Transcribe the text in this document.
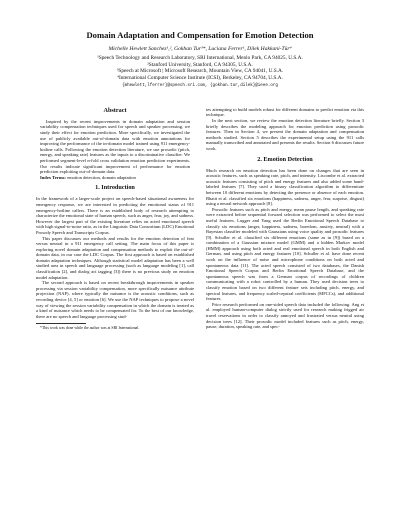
Domain Adaptation and Compensation for Emotion Detection
Michelle Hewlett Sanchez¹,², Gokhan Tur³*, Luciana Ferrer¹, Dilek Hakkani-Tür⁴
¹Speech Technology and Research Laboratory, SRI International, Menlo Park, CA 94025, U.S.A.
²Stanford University, Stanford, CA 94305, U.S.A.
³Speech at Microsoft | Microsoft Research, Mountain View, CA 94041, U.S.A.
⁴International Computer Science Institute (ICSI), Berkeley, CA 94704, U.S.A.
{mhewlett,lferrer}@speech.sri.com, {gokhan.tur,dilek}@ieee.org
Abstract

Inspired by the recent improvements in domain adaptation and session variability compensation techniques used for speech and speaker processing, we study their effect for emotion prediction. More specifically, we investigated the use of publicly available out-of-domain data with emotion annotations for improving the performance of the in-domain model trained using 911 emergency-hotline calls. Following the emotion detection literature, we use prosodic (pitch, energy, and speaking rate) features as the inputs to a discriminative classifier. We performed segment-level n-fold cross validation emotion prediction experiments. Our results indicate significant improvement of performance for emotion prediction exploiting out-of-domain data.

Index Terms: emotion detection, domain adaptation

1. Introduction

In the framework of a larger-scale project on speech-based situational awareness for emergency response, we are interested in predicting the emotional status of 911 emergency-hotline callers. There is an established body of research attempting to characterize the emotional state of human speech, such as anger, fear, joy, and sadness. However the largest part of the existing literature relies on acted emotional speech with high signal-to-noise ratio, as in the Linguistic Data Consortium (LDC) Emotional Prosody Speech and Transcripts Corpus.

This paper discusses our methods and results for the emotion detection of fear versus neutral in a 911 emergency call setting. The main focus of this paper is exploring novel domain adaptation and compensation methods to exploit the out-of-domain data, in our case the LDC Corpus. The first approach is based on established domain adaptation techniques. Although statistical model adaptation has been a well studied area in speech and language processing (such as language modeling [1], call classification [2], and dialog act tagging [3]) there is no previous study on emotion model adaptation.

The second approach is based on recent breakthrough improvements in speaker processing via session variability compensation, more specifically nuisance attribute projection (NAP), where typically the nuisance is the acoustic conditions, such as recording device [4, 5] or emotion [6]. We use the NAP techniques to propose a novel way of viewing the session variability compensation in which the domain is treated as a kind of nuisance which needs to be compensated for. To the best of our knowledge, there are no speech and language processing stud-

*This work was done while the author was at SRI International.

ies attempting to build models robust for different domains to predict emotion via this technique.

In the next section, we review the emotion detection literature briefly. Section 3 briefly describes the modeling approach for emotion prediction using prosodic features. Then in Section 4, we present the domain adaptation and compensation methods studied. Section 5 describes the experimental setup using the 911 calls manually transcribed and annotated and presents the results. Section 6 discusses future work.

2. Emotion Detection

Much research on emotion detection has been done on changes that are seen in acoustic features, such as speaking rate, pitch, and intensity. Liscombe et al. extracted acoustic features consisting of pitch and energy features and also added some hand-labeled features [7]. They used a binary classification algorithm to differentiate between 10 different emotions by detecting the presence or absence of each emotion. Bhatti et al. classified six emotions (happiness, sadness, anger, fear, surprise, disgust) using a neural network approach [8].

Prosodic features such as pitch and energy, mean pause length, and speaking rate were extracted before sequential forward selection was performed to select the most useful features. Lugger and Yang used the Berlin Emotional Speech Database to classify six emotions (anger, happiness, sadness, boredom, anxiety, neutral) with a Bayesian classifier modeled with Gaussians using voice quality and prosodic features [9]. Schuller et al. classified six different emotions (same as in [9]) based on a combination of a Gaussian mixture model (GMM) and a hidden Markov model (HMM) approach using both acted and real emotional speech in both English and German, and using pitch and energy features [10]. Schuller et al. have done recent work on the influence of noise and microphone conditions on both acted and spontaneous data [11]. The acted speech consisted of two databases, the Danish Emotional Speech Corpus and Berlin Emotional Speech Database, and the spontaneous speech was from a German corpus of recordings of children communicating with a robot controlled by a human. They used decision trees to classify emotion based on two different feature sets including pitch, energy, and spectral features, and frequency scaled-cepstral coefficients (MFCCs), and additional features.

Prior research performed on one-sided speech data included the following. Ang et al. employed human-computer dialog strictly used for research making frigged air travel reservations in order to classify annoyed and frustrated versus neutral using decision trees [12]. Their prosodic model included features such as pitch, energy, pause, duration, speaking rate, and spec-
